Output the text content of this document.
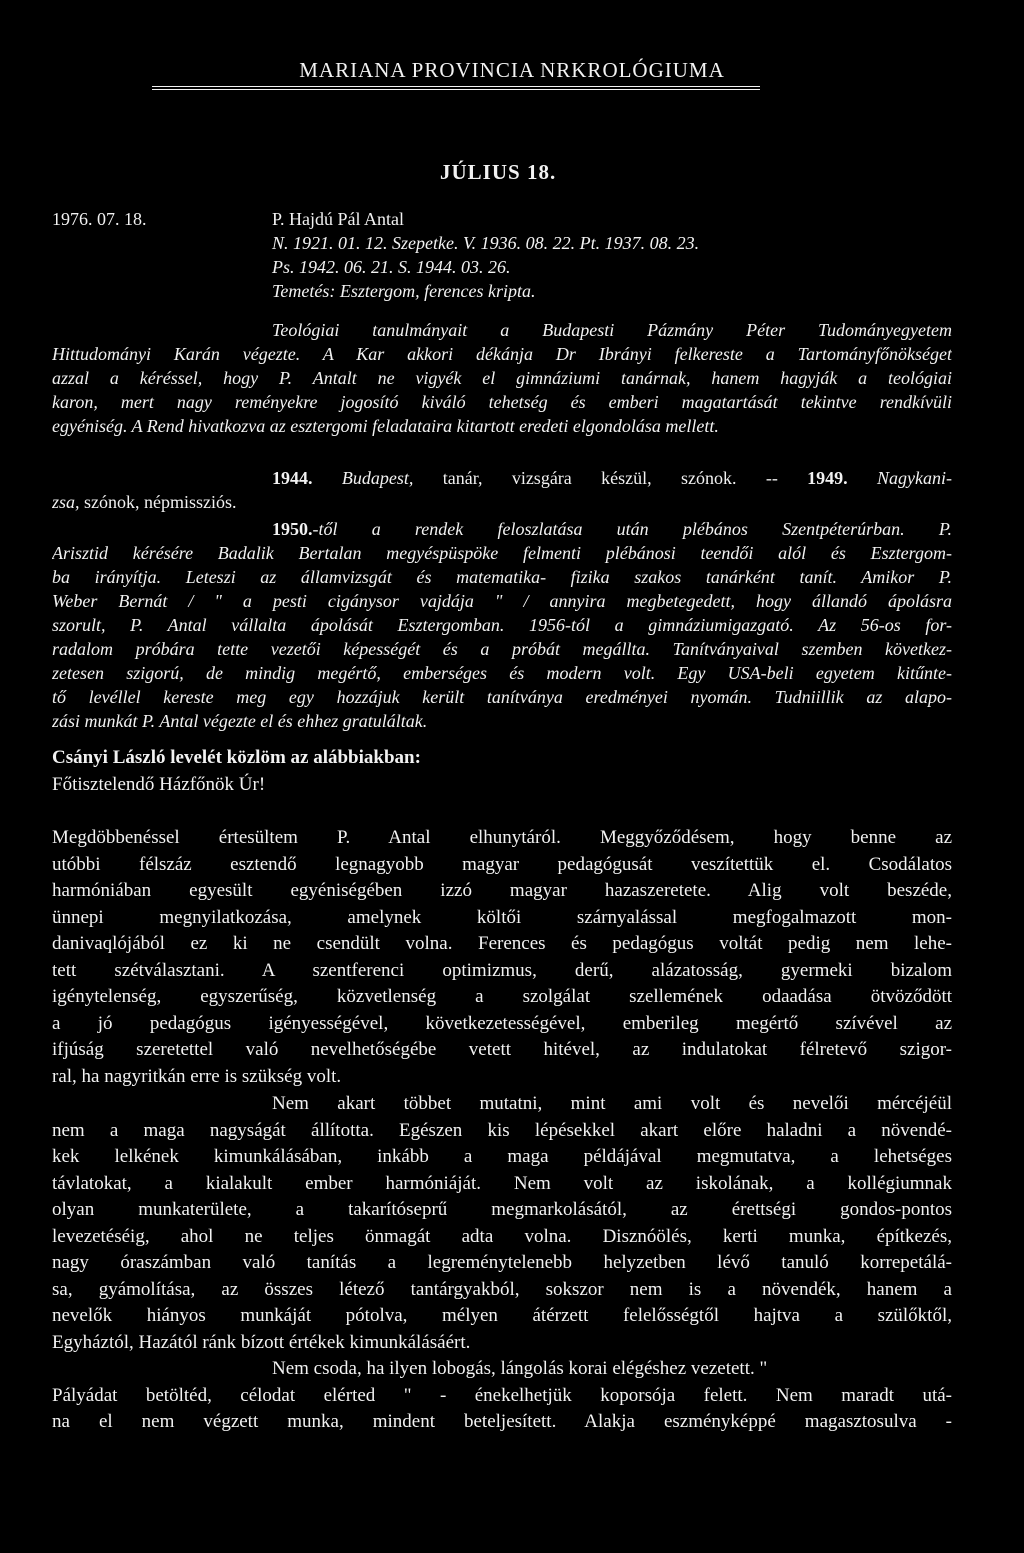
MARIANA PROVINCIA NRKROLÓGIUMA
JÚLIUS 18.
1976. 07. 18.	P. Hajdú Pál Antal
N. 1921. 01. 12. Szepetke. V. 1936. 08. 22. Pt. 1937. 08. 23.
Ps. 1942. 06. 21. S. 1944. 03. 26.
Temetés: Esztergom, ferences kripta.
Teológiai tanulmányait a Budapesti Pázmány Péter Tudományegyetem
Hittudományi Karán végezte. A Kar akkori dékánja Dr Ibrányi felkereste a Tartományfőnökséget
azzal a kéréssel, hogy P. Antalt ne vigyék el gimnáziumi tanárnak, hanem hagyják a teológiai
karon, mert nagy reményekre jogosító kiváló tehetség és emberi magatartását tekintve rendkívüli
egyéniség. A Rend hivatkozva az esztergomi feladataira kitartott eredeti elgondolása mellett.
1944. Budapest, tanár, vizsgára készül, szónok. -- 1949. Nagykani-
zsa, szónok, népmissziós.
1950.-től a rendek feloszlatása után plébános Szentpéterúrban. P.
Arisztid kérésére Badalik Bertalan megyéspüspöke felmenti plébánosi teendői alól és Esztergom-
ba irányítja. Leteszi az államvizsgát és matematika- fizika szakos tanárként tanít. Amikor P.
Weber Bernát / " a pesti cigánysor vajdája " / annyira megbetegedett, hogy állandó ápolásra
szorult, P. Antal vállalta ápolását Esztergomban. 1956-tól a gimnáziumigazgató. Az 56-os for-
radalom próbára tette vezetői képességét és a próbát megállta. Tanítványaival szemben következ-
zetesen szigorú, de mindig megértő, emberséges és modern volt. Egy USA-beli egyetem kitűnte-
tő levéllel kereste meg egy hozzájuk került tanítványa eredményei nyomán. Tudniillik az alapo-
zási munkát P. Antal végezte el és ehhez gratuláltak.
Csányi László levelét közlöm az alábbiakban:
Főtisztelendő Házfőnök Úr!
Megdöbbenéssel értesültem P. Antal elhunytáról. Meggyőződésem, hogy benne az
utóbbi félszáz esztendő legnagyobb magyar pedagógusát veszítettük el. Csodálatos
harmóniában egyesült egyéniségében izzó magyar hazaszeretete. Alig volt beszéde,
ünnepi megnyilatkozása, amelynek költői szárnyalással megfogalmazott mon-
danivaqlójából ez ki ne csendült volna. Ferences és pedagógus voltát pedig nem lehe-
tett szétválasztani. A szentferenci optimizmus, derű, alázatosság, gyermeki bizalom
igénytelenség, egyszerűség, közvetlenség a szolgálat szellemének odaadása ötvöződött
a jó pedagógus igényességével, következetességével, emberileg megértő szívével az
ifjúság szeretettel való nevelhetőségébe vetett hitével, az indulatokat félretevő szigor-
ral, ha nagyritkán erre is szükség volt.
Nem akart többet mutatni, mint ami volt és nevelői mércéjéül
nem a maga nagyságát állította. Egészen kis lépésekkel akart előre haladni a növendé-
kek lelkének kimunkálásában, inkább a maga példájával megmutatva, a lehetséges
távlatokat, a kialakult ember harmóniáját. Nem volt az iskolának, a kollégiumnak
olyan munkaterülete, a takarítóseprű megmarkolásától, az érettségi gondos-pontos
levezetéséig, ahol ne teljes önmagát adta volna. Disznóölés, kerti munka, építkezés,
nagy óraszámban való tanítás a legreménytelenebb helyzetben lévő tanuló korrepetálá-
sa, gyámolítása, az összes létező tantárgyakból, sokszor nem is a növendék, hanem a
nevelők hiányos munkáját pótolva, mélyen átérzett felelősségtől hajtva a szülőktől,
Egyháztól, Hazától ránk bízott értékek kimunkálásáért.
Nem csoda, ha ilyen lobogás, lángolás korai elégéshez vezetett. "
Pályádat betöltéd, célodat elérted " - énekelhetjük koporsója felett. Nem maradt utá-
na el nem végzett munka, mindent beteljesített. Alakja eszményképpé magasztosulva -
